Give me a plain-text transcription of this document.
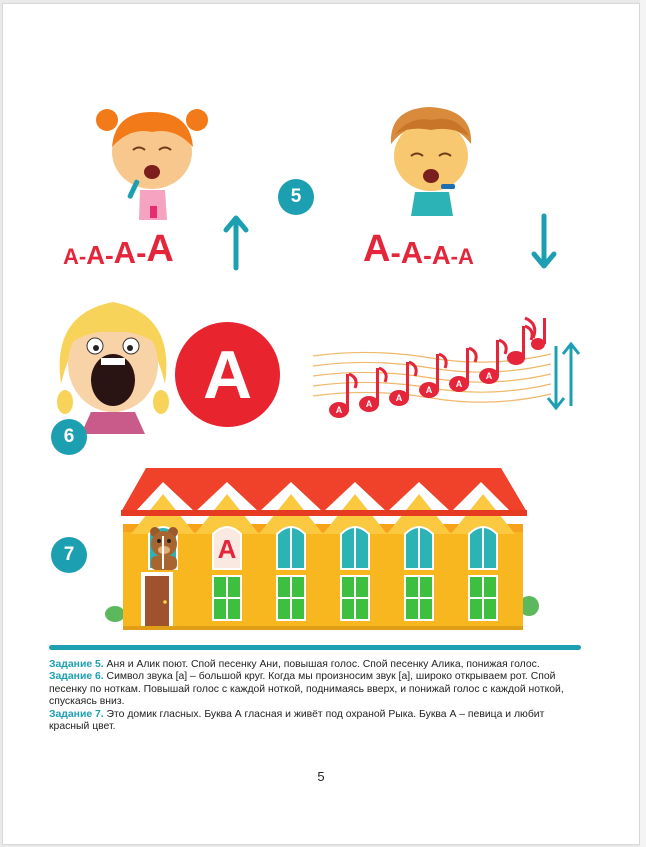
5
А - А - А - А	А - А - А - А
А
6
А
А
А
А
А
А
7	А

Задание 5. Аня и Алик поют. Спой песенку Ани, повышая голос. Спой песенку Алика, понижая голос.

Задание 6. Символ звука [а] – большой круг. Когда мы произносим звук [а], широко открываем рот. Спой песенку по ноткам. Повышай голос с каждой ноткой, поднимаясь вверх, и понижай голос с каждой ноткой, спускаясь вниз.

Задание 7. Это домик гласных. Буква А гласная и живёт под охраной Рыка. Буква А – певица и любит красный цвет.

5
